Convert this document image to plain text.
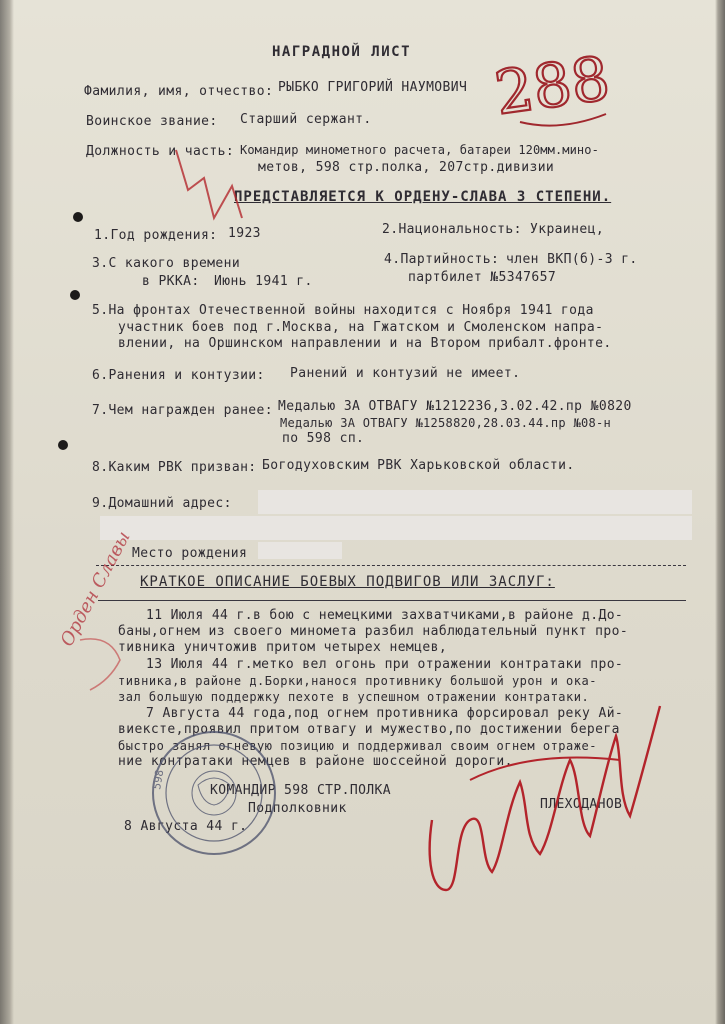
НАГРАДНОЙ ЛИСТ
Фамилия, имя, отчество: РЫБКО ГРИГОРИЙ НАУМОВИЧ
Воинское звание: Старший сержант.
Должность и часть: Командир минометного расчета, батареи 120мм.мино-
метов, 598 стр.полка, 207стр.дивизии
ПРЕДСТАВЛЯЕТСЯ К ОРДЕНУ-СЛАВА 3 СТЕПЕНИ.
1.Год рождения: 1923	2.Национальность: Украинец,
3.С какого времени
в РККА: Июнь 1941 г.
4.Партийность: член ВКП(б)-3 г.
партбилет №5347657
5.На фронтах Отечественной войны находится с Ноября 1941 года
участник боев под г.Москва, на Гжатском и Смоленском напра-
влении, на Оршинском направлении и на Втором прибалт.фронте.
6.Ранения и контузии: Ранений и контузий не имеет.
7.Чем награжден ранее: Медалью ЗА ОТВАГУ №1212236,3.02.42.пр №0820
Медалью ЗА ОТВАГУ №1258820,28.03.44.пр №08-н
по 598 сп.
8.Каким РВК призван: Богодуховским РВК Харьковской области.
9.Домашний адрес:
Место рождения
КРАТКОЕ ОПИСАНИЕ БОЕВЫХ ПОДВИГОВ ИЛИ ЗАСЛУГ:
11 Июля 44 г.в бою с немецкими захватчиками,в районе д.До-
баны,огнем из своего миномета разбил наблюдательный пункт про-
тивника уничтожив притом четырех немцев,
13 Июля 44 г.метко вел огонь при отражении контратаки про-
тивника,в районе д.Борки,нанося противнику большой урон и ока-
зал большую поддержку пехоте в успешном отражении контратаки.
7 Августа 44 года,под огнем противника форсировал реку Ай-
виексте,проявил притом отвагу и мужество,по достижении берега
быстро занял огневую позицию и поддерживал своим огнем отраже-
ние контратаки немцев в районе шоссейной дороги.
КОМАНДИР 598 СТР.ПОЛКА
Подполковник	ПЛЕХОДАНОВ
8 Августа 44 г.
598
288
Орден Славы
